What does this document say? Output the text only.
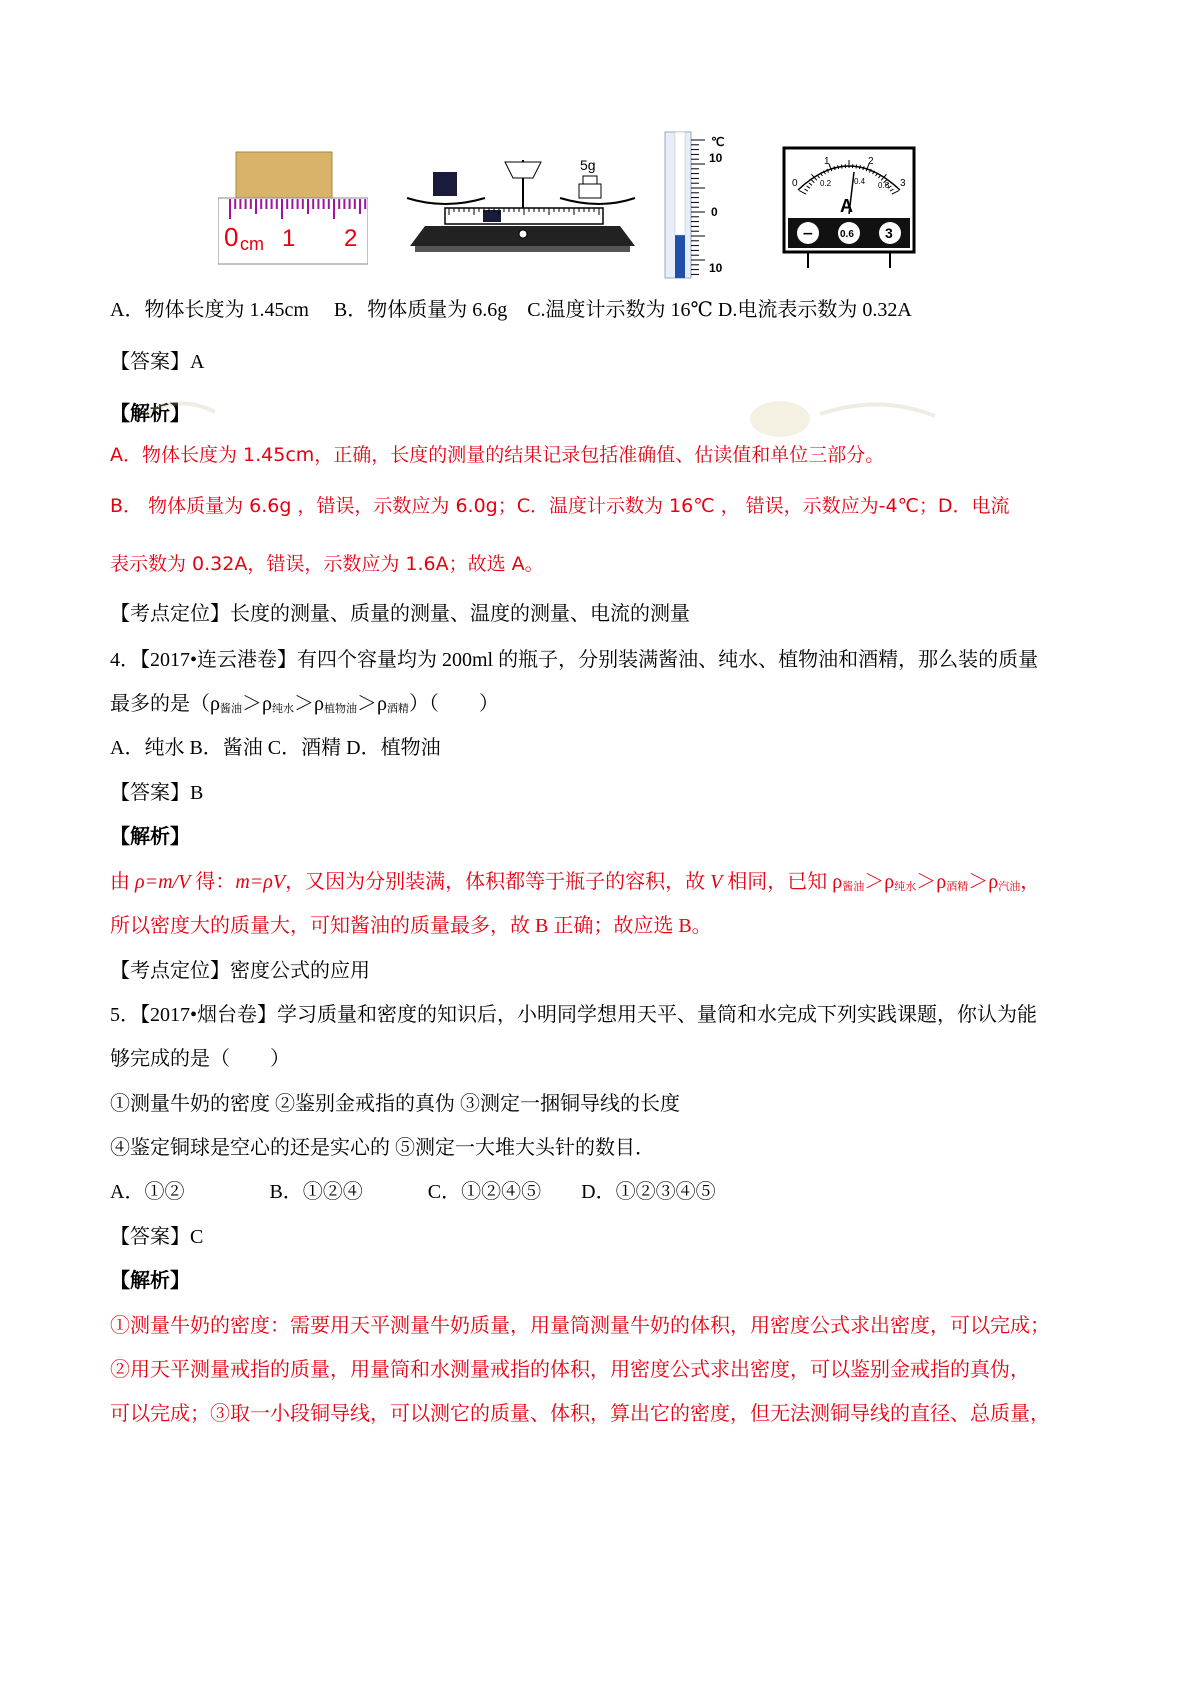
0 cm 1 2
5g
℃
10
0
10
1	2
0	3
0.2	0.4 0.6
A
−	0.6 3
A．物体长度为 1.45cm　 B．物体质量为 6.6g　C.温度计示数为 16℃ D.电流表示数为 0.32A
【答案】A
【解析】
A．物体长度为 1.45cm，正确，长度的测量的结果记录包括准确值、估读值和单位三部分。
B． 物体质量为 6.6g ，错误，示数应为 6.0g；C．温度计示数为 16℃ ， 错误，示数应为-4℃；D．电流
表示数为 0.32A，错误，示数应为 1.6A；故选 A。
【考点定位】长度的测量、质量的测量、温度的测量、电流的测量
4．【2017•连云港卷】有四个容量均为 200ml 的瓶子，分别装满酱油、纯水、植物油和酒精，那么装的质量
最多的是（ρ酱油＞ρ纯水＞ρ植物油＞ρ酒精）（　　）
A．纯水 B．酱油 C．酒精 D．植物油
【答案】B
【解析】
由 ρ=m/V 得：m=ρV，又因为分别装满，体积都等于瓶子的容积，故 V 相同，已知 ρ酱油＞ρ纯水＞ρ酒精＞ρ汽油，
所以密度大的质量大，可知酱油的质量最多，故 B 正确；故应选 B。
【考点定位】密度公式的应用
5．【2017•烟台卷】学习质量和密度的知识后，小明同学想用天平、量筒和水完成下列实践课题，你认为能
够完成的是（　　）
①测量牛奶的密度 ②鉴别金戒指的真伪 ③测定一捆铜导线的长度
④鉴定铜球是空心的还是实心的 ⑤测定一大堆大头针的数目．
A．①②　　　　 B．①②④　　　 C．①②④⑤　　D．①②③④⑤
【答案】C
【解析】
①测量牛奶的密度：需要用天平测量牛奶质量，用量筒测量牛奶的体积，用密度公式求出密度，可以完成；
②用天平测量戒指的质量，用量筒和水测量戒指的体积，用密度公式求出密度，可以鉴别金戒指的真伪，
可以完成；③取一小段铜导线，可以测它的质量、体积，算出它的密度，但无法测铜导线的直径、总质量，
